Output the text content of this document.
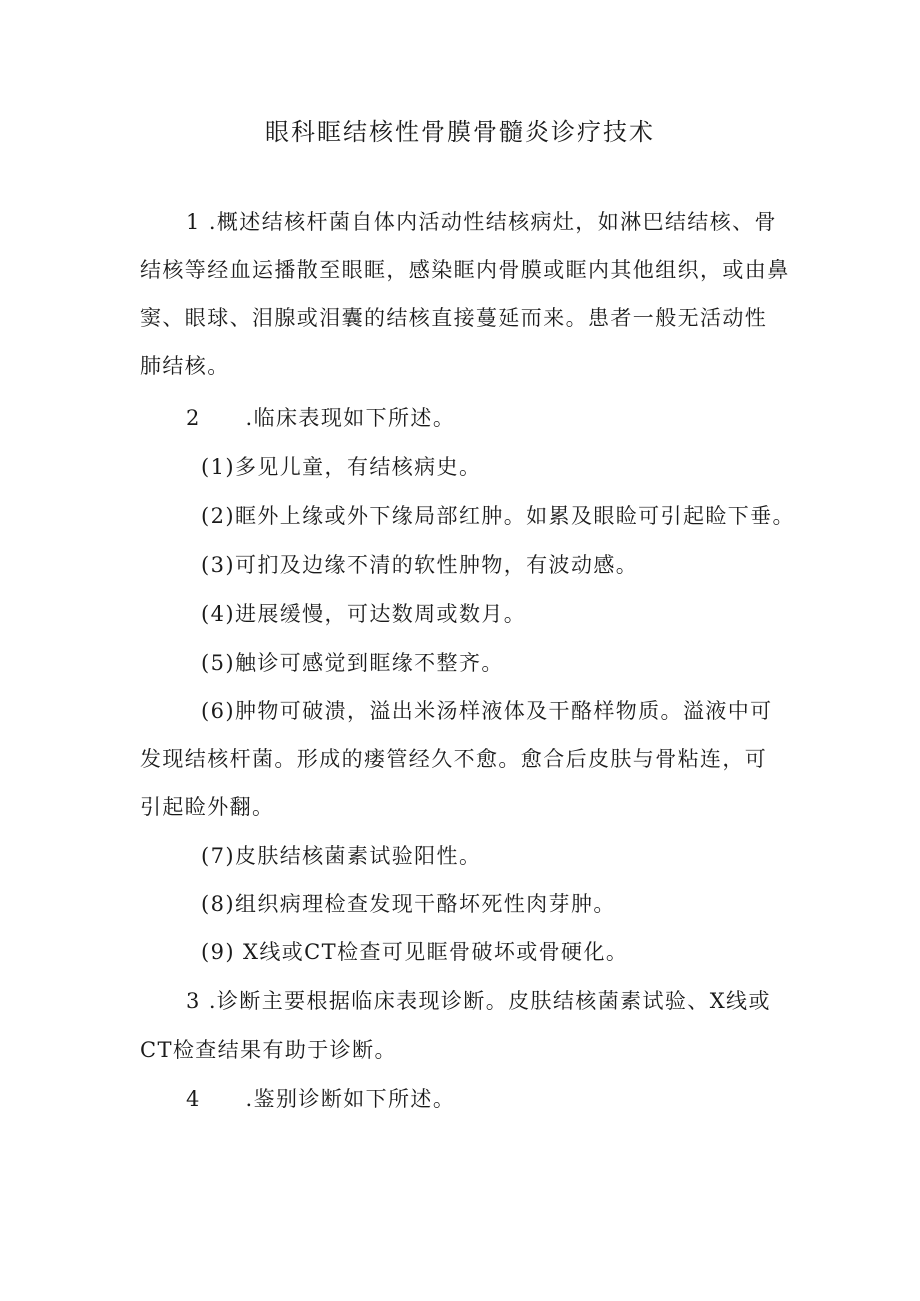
眼科眶结核性骨膜骨髓炎诊疗技术
1 .概述结核杆菌自体内活动性结核病灶，如淋巴结结核、骨
结核等经血运播散至眼眶，感染眶内骨膜或眶内其他组织，或由鼻
窦、眼球、泪腺或泪囊的结核直接蔓延而来。患者一般无活动性
肺结核。
2　　.临床表现如下所述。
(1)多见儿童，有结核病史。
(2)眶外上缘或外下缘局部红肿。如累及眼睑可引起睑下垂。
(3)可扪及边缘不清的软性肿物，有波动感。
(4)进展缓慢，可达数周或数月。
(5)触诊可感觉到眶缘不整齐。
(6)肿物可破溃，溢出米汤样液体及干酪样物质。溢液中可
发现结核杆菌。形成的瘘管经久不愈。愈合后皮肤与骨粘连，可
引起睑外翻。
(7)皮肤结核菌素试验阳性。
(8)组织病理检查发现干酪坏死性肉芽肿。
(9) X线或CT检查可见眶骨破坏或骨硬化。
3 .诊断主要根据临床表现诊断。皮肤结核菌素试验、X线或
CT检查结果有助于诊断。
4　　.鉴别诊断如下所述。
